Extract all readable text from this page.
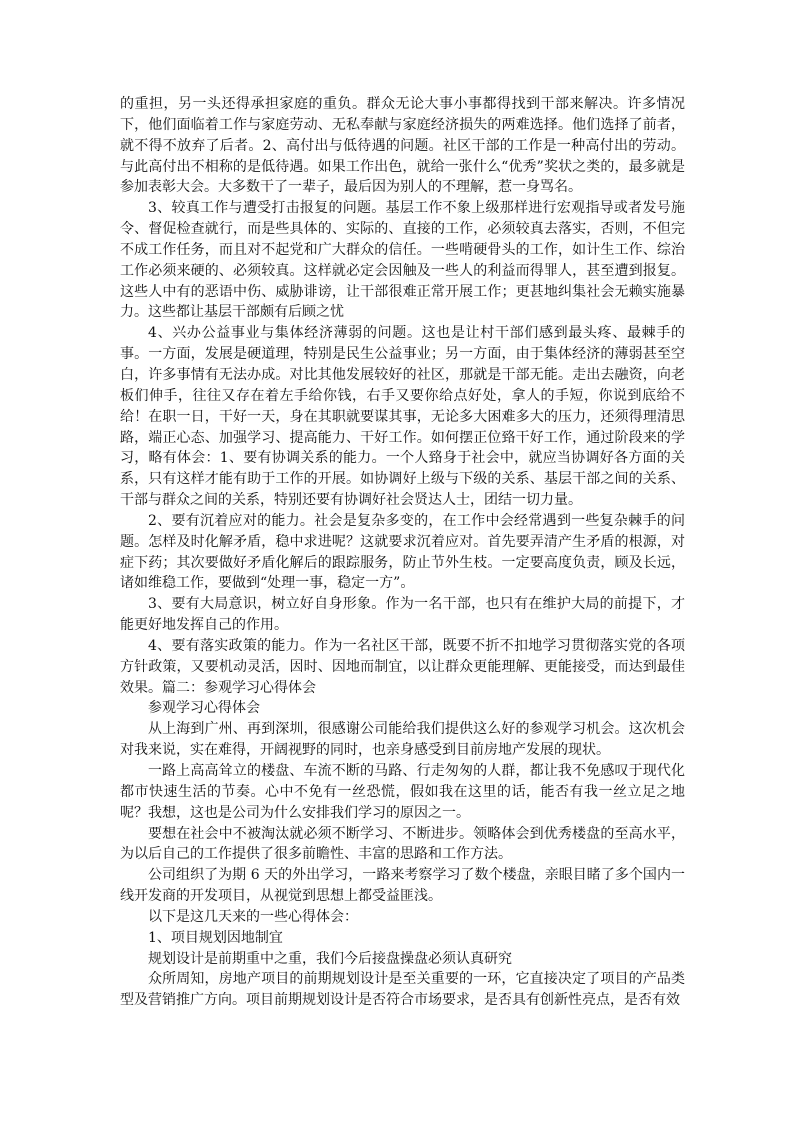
的重担，另一头还得承担家庭的重负。群众无论大事小事都得找到干部来解决。许多情况下，他们面临着工作与家庭劳动、无私奉献与家庭经济损失的两难选择。他们选择了前者，就不得不放弃了后者。2、高付出与低待遇的问题。社区干部的工作是一种高付出的劳动。与此高付出不相称的是低待遇。如果工作出色，就给一张什么“优秀”奖状之类的，最多就是参加表彰大会。大多数干了一辈子，最后因为别人的不理解，惹一身骂名。

3、较真工作与遭受打击报复的问题。基层工作不象上级那样进行宏观指导或者发号施令、督促检查就行，而是些具体的、实际的、直接的工作，必须较真去落实，否则，不但完不成工作任务，而且对不起党和广大群众的信任。一些啃硬骨头的工作，如计生工作、综治工作必须来硬的、必须较真。这样就必定会因触及一些人的利益而得罪人，甚至遭到报复。这些人中有的恶语中伤、威胁诽谤，让干部很难正常开展工作；更甚地纠集社会无赖实施暴力。这些都让基层干部颇有后顾之忧

4、兴办公益事业与集体经济薄弱的问题。这也是让村干部们感到最头疼、最棘手的事。一方面，发展是硬道理，特别是民生公益事业；另一方面，由于集体经济的薄弱甚至空白，许多事情有无法办成。对比其他发展较好的社区，那就是干部无能。走出去融资，向老板们伸手，往往又存在着左手给你钱，右手又要你给点好处，拿人的手短，你说到底给不给！在职一日，干好一天，身在其职就要谋其事，无论多大困难多大的压力，还须得理清思路，端正心态、加强学习、提高能力、干好工作。如何摆正位臵干好工作，通过阶段来的学习，略有体会：1、要有协调关系的能力。一个人臵身于社会中，就应当协调好各方面的关系，只有这样才能有助于工作的开展。如协调好上级与下级的关系、基层干部之间的关系、干部与群众之间的关系，特别还要有协调好社会贤达人士，团结一切力量。

2、要有沉着应对的能力。社会是复杂多变的，在工作中会经常遇到一些复杂棘手的问题。怎样及时化解矛盾，稳中求进呢？这就要求沉着应对。首先要弄清产生矛盾的根源，对症下药；其次要做好矛盾化解后的跟踪服务，防止节外生枝。一定要高度负责，顾及长远，诸如维稳工作，要做到“处理一事，稳定一方”。

3、要有大局意识，树立好自身形象。作为一名干部，也只有在维护大局的前提下，才能更好地发挥自己的作用。

4、要有落实政策的能力。作为一名社区干部，既要不折不扣地学习贯彻落实党的各项方针政策，又要机动灵活，因时、因地而制宜，以让群众更能理解、更能接受，而达到最佳效果。篇二：参观学习心得体会

参观学习心得体会

从上海到广州、再到深圳，很感谢公司能给我们提供这么好的参观学习机会。这次机会对我来说，实在难得，开阔视野的同时，也亲身感受到目前房地产发展的现状。

一路上高高耸立的楼盘、车流不断的马路、行走匆匆的人群，都让我不免感叹于现代化都市快速生活的节奏。心中不免有一丝恐慌，假如我在这里的话，能否有我一丝立足之地呢？我想，这也是公司为什么安排我们学习的原因之一。

要想在社会中不被淘汰就必须不断学习、不断进步。领略体会到优秀楼盘的至高水平，为以后自己的工作提供了很多前瞻性、丰富的思路和工作方法。

公司组织了为期 6 天的外出学习，一路来考察学习了数个楼盘，亲眼目睹了多个国内一线开发商的开发项目，从视觉到思想上都受益匪浅。

以下是这几天来的一些心得体会：

1、项目规划因地制宜

规划设计是前期重中之重，我们今后接盘操盘必须认真研究

众所周知，房地产项目的前期规划设计是至关重要的一环，它直接决定了项目的产品类型及营销推广方向。项目前期规划设计是否符合市场要求，是否具有创新性亮点，是否有效
